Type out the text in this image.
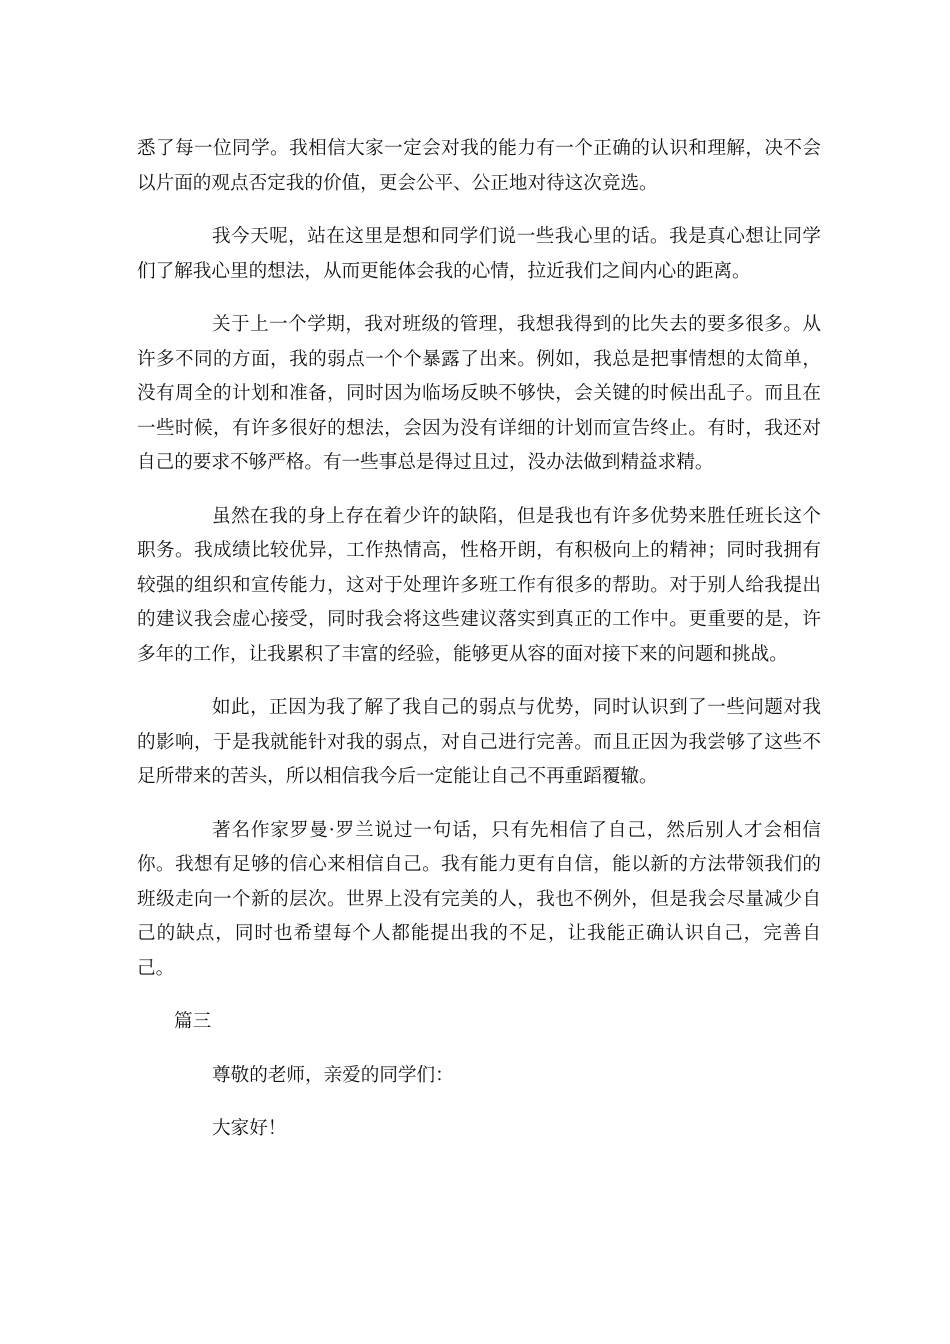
悉了每一位同学。我相信大家一定会对我的能力有一个正确的认识和理解，决不会以片面的观点否定我的价值，更会公平、公正地对待这次竞选。

我今天呢，站在这里是想和同学们说一些我心里的话。我是真心想让同学们了解我心里的想法，从而更能体会我的心情，拉近我们之间内心的距离。

关于上一个学期，我对班级的管理，我想我得到的比失去的要多很多。从许多不同的方面，我的弱点一个个暴露了出来。例如，我总是把事情想的太简单，没有周全的计划和准备，同时因为临场反映不够快，会关键的时候出乱子。而且在一些时候，有许多很好的想法，会因为没有详细的计划而宣告终止。有时，我还对自己的要求不够严格。有一些事总是得过且过，没办法做到精益求精。

虽然在我的身上存在着少许的缺陷，但是我也有许多优势来胜任班长这个职务。我成绩比较优异，工作热情高，性格开朗，有积极向上的精神；同时我拥有较强的组织和宣传能力，这对于处理许多班工作有很多的帮助。对于别人给我提出的建议我会虚心接受，同时我会将这些建议落实到真正的工作中。更重要的是，许多年的工作，让我累积了丰富的经验，能够更从容的面对接下来的问题和挑战。

如此，正因为我了解了我自己的弱点与优势，同时认识到了一些问题对我的影响，于是我就能针对我的弱点，对自己进行完善。而且正因为我尝够了这些不足所带来的苦头，所以相信我今后一定能让自己不再重蹈覆辙。

著名作家罗曼·罗兰说过一句话，只有先相信了自己，然后别人才会相信你。我想有足够的信心来相信自己。我有能力更有自信，能以新的方法带领我们的班级走向一个新的层次。世界上没有完美的人，我也不例外，但是我会尽量减少自己的缺点，同时也希望每个人都能提出我的不足，让我能正确认识自己，完善自己。

篇三

尊敬的老师，亲爱的同学们：

大家好！
